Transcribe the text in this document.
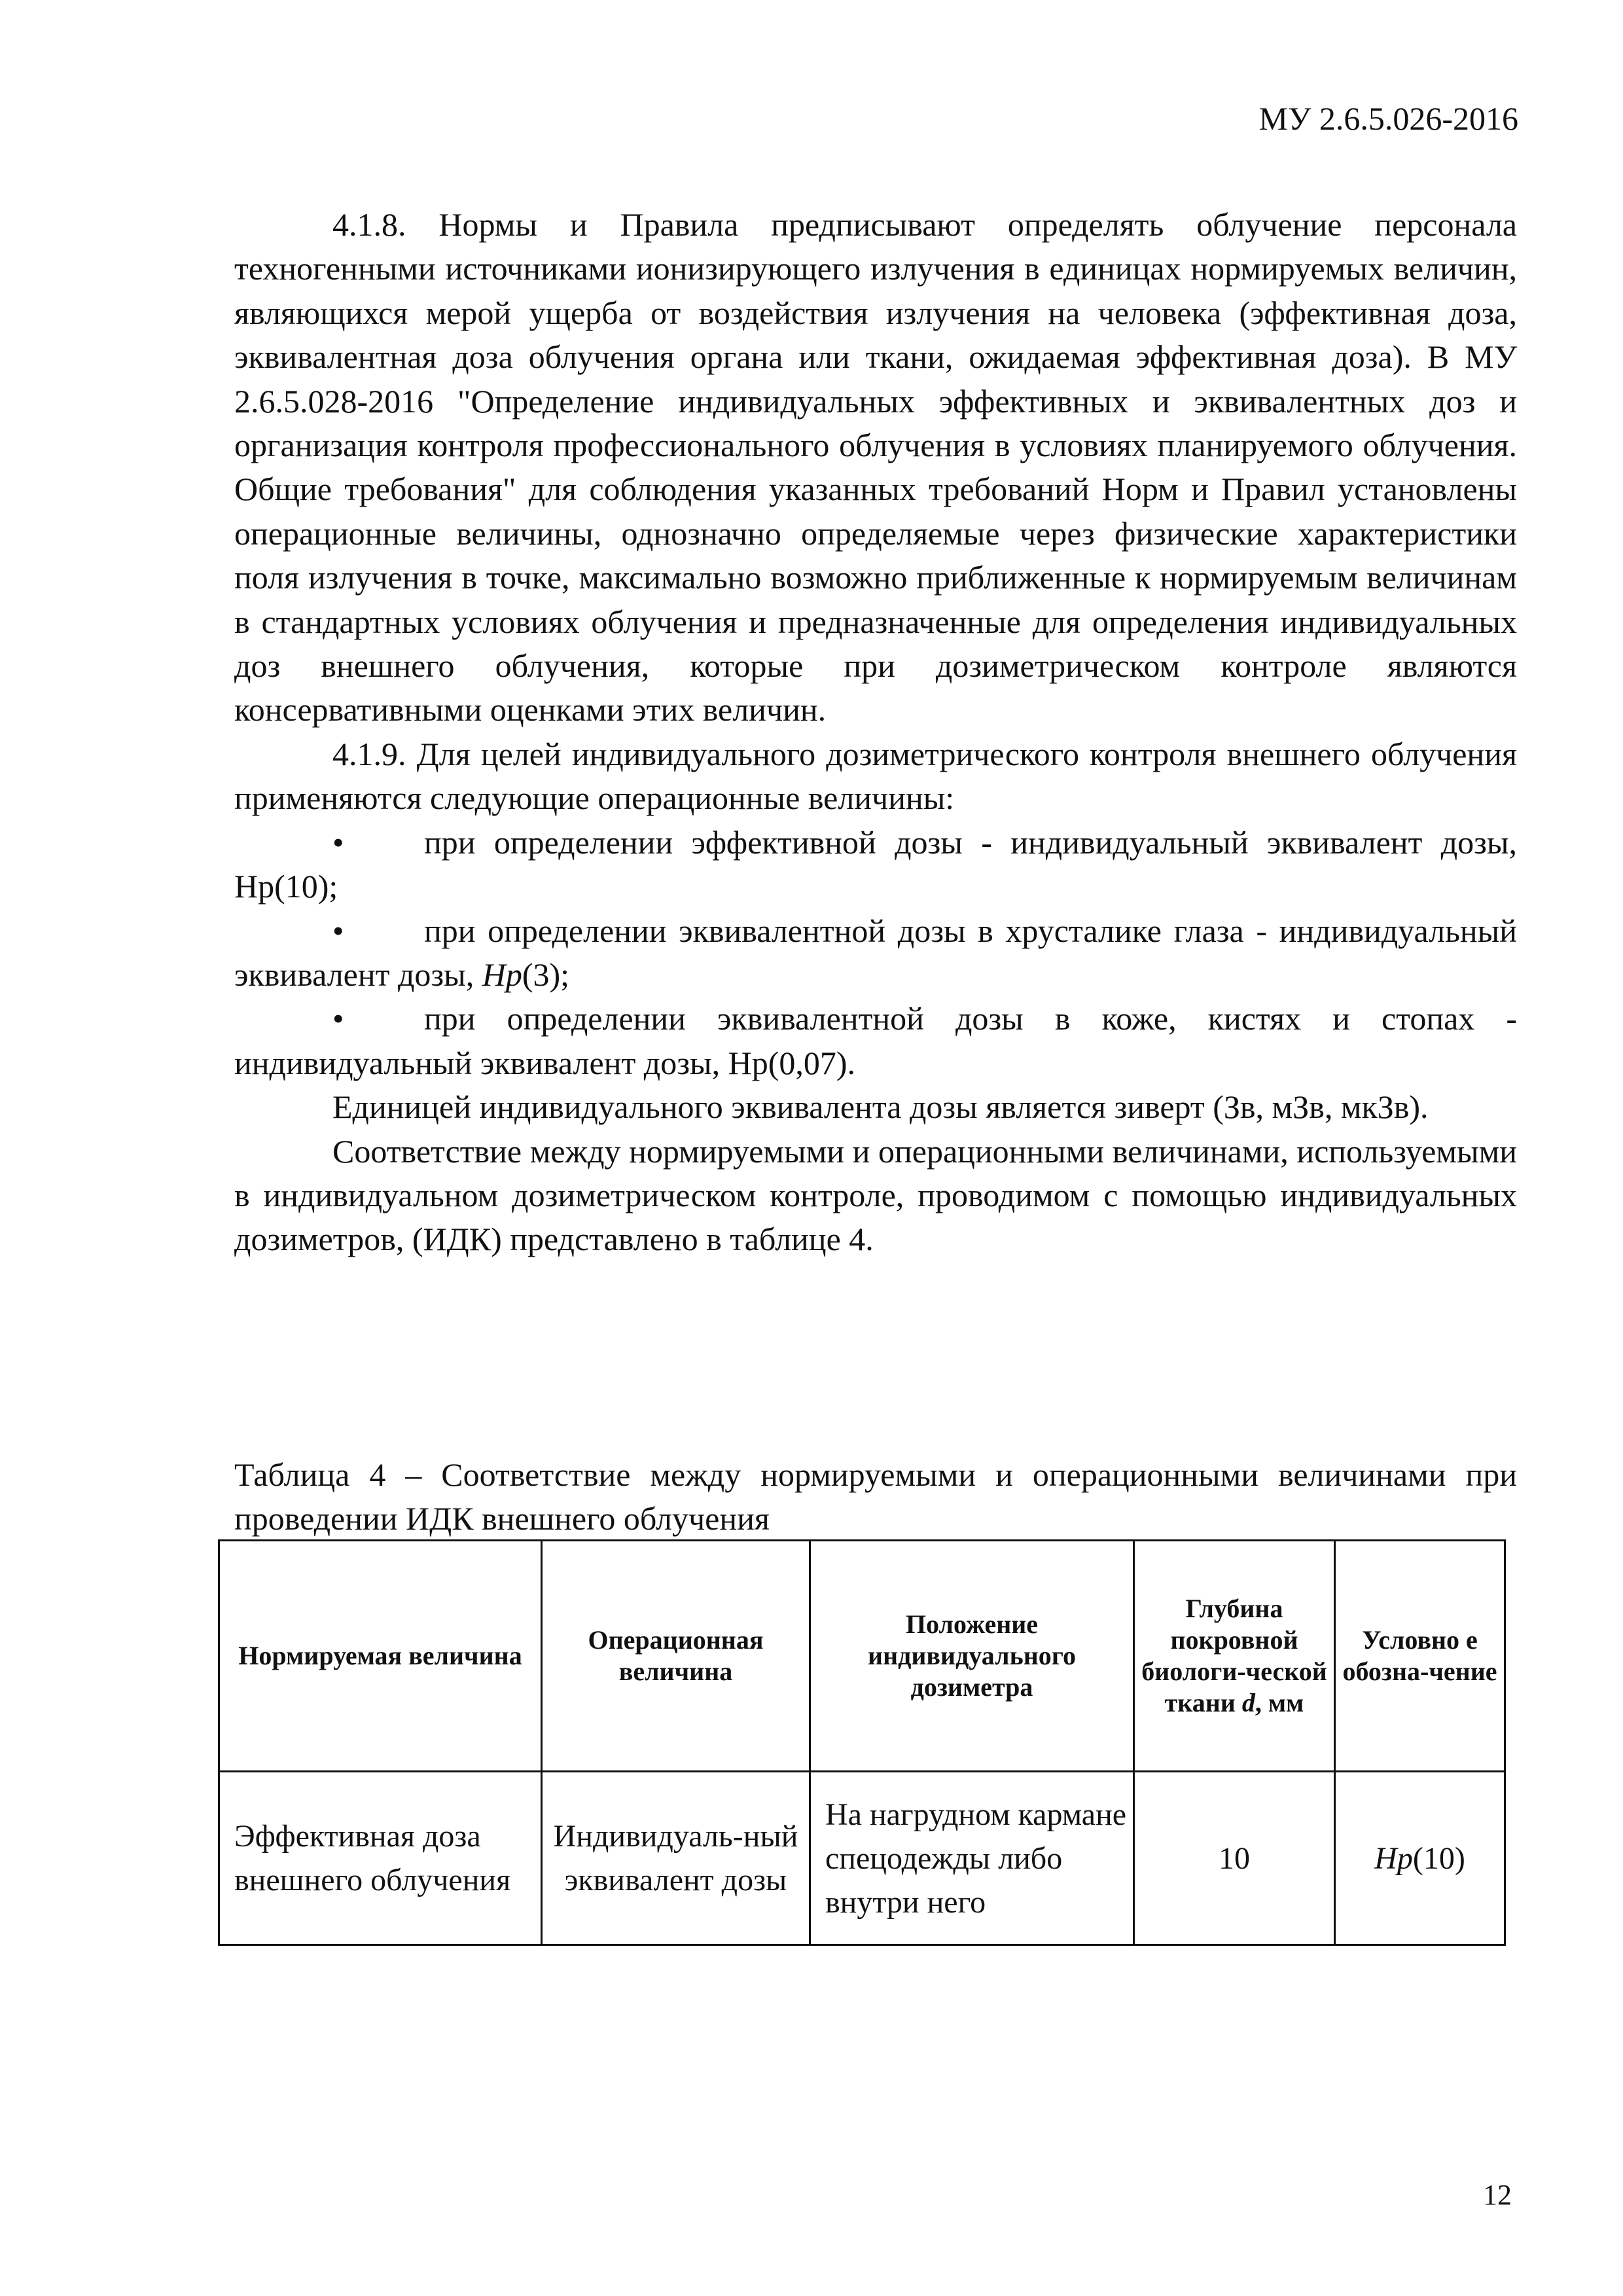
МУ 2.6.5.026-2016

4.1.8. Нормы и Правила предписывают определять облучение персонала техногенными источниками ионизирующего излучения в единицах нормируемых величин, являющихся мерой ущерба от воздействия излучения на человека (эффективная доза, эквивалентная доза облучения органа или ткани, ожидаемая эффективная доза). В МУ 2.6.5.028-2016 "Определение индивидуальных эффективных и эквивалентных доз и организация контроля профессионального облучения в условиях планируемого облучения. Общие требования" для соблюдения указанных требований Норм и Правил установлены операционные величины, однозначно определяемые через физические характеристики поля излучения в точке, максимально возможно приближенные к нормируемым величинам в стандартных условиях облучения и предназначенные для определения индивидуальных доз внешнего облучения, которые при дозиметрическом контроле являются консервативными оценками этих величин.

4.1.9. Для целей индивидуального дозиметрического контроля внешнего облучения применяются следующие операционные величины:

• при определении эффективной дозы - индивидуальный эквивалент дозы, Hр(10);

• при определении эквивалентной дозы в хрусталике глаза - индивидуальный эквивалент дозы, Hр(3);

• при определении эквивалентной дозы в коже, кистях и стопах - индивидуальный эквивалент дозы, Hр(0,07).

Единицей индивидуального эквивалента дозы является зиверт (Зв, мЗв, мкЗв).

Соответствие между нормируемыми и операционными величинами, используемыми в индивидуальном дозиметрическом контроле, проводимом с помощью индивидуальных дозиметров, (ИДК) представлено в таблице 4.

Таблица 4 – Соответствие между нормируемыми и операционными величинами при проведении ИДК внешнего облучения
Нормируемая величина	Операционная величина	Положение индивидуального дозиметра	Глубина покровной биологи-ческой ткани d, мм	Условно е обозна-чение
Эффективная доза внешнего облучения	Индивидуаль-ный эквивалент дозы	На нагрудном кармане спецодежды либо внутри него	10	Hр(10)
12
